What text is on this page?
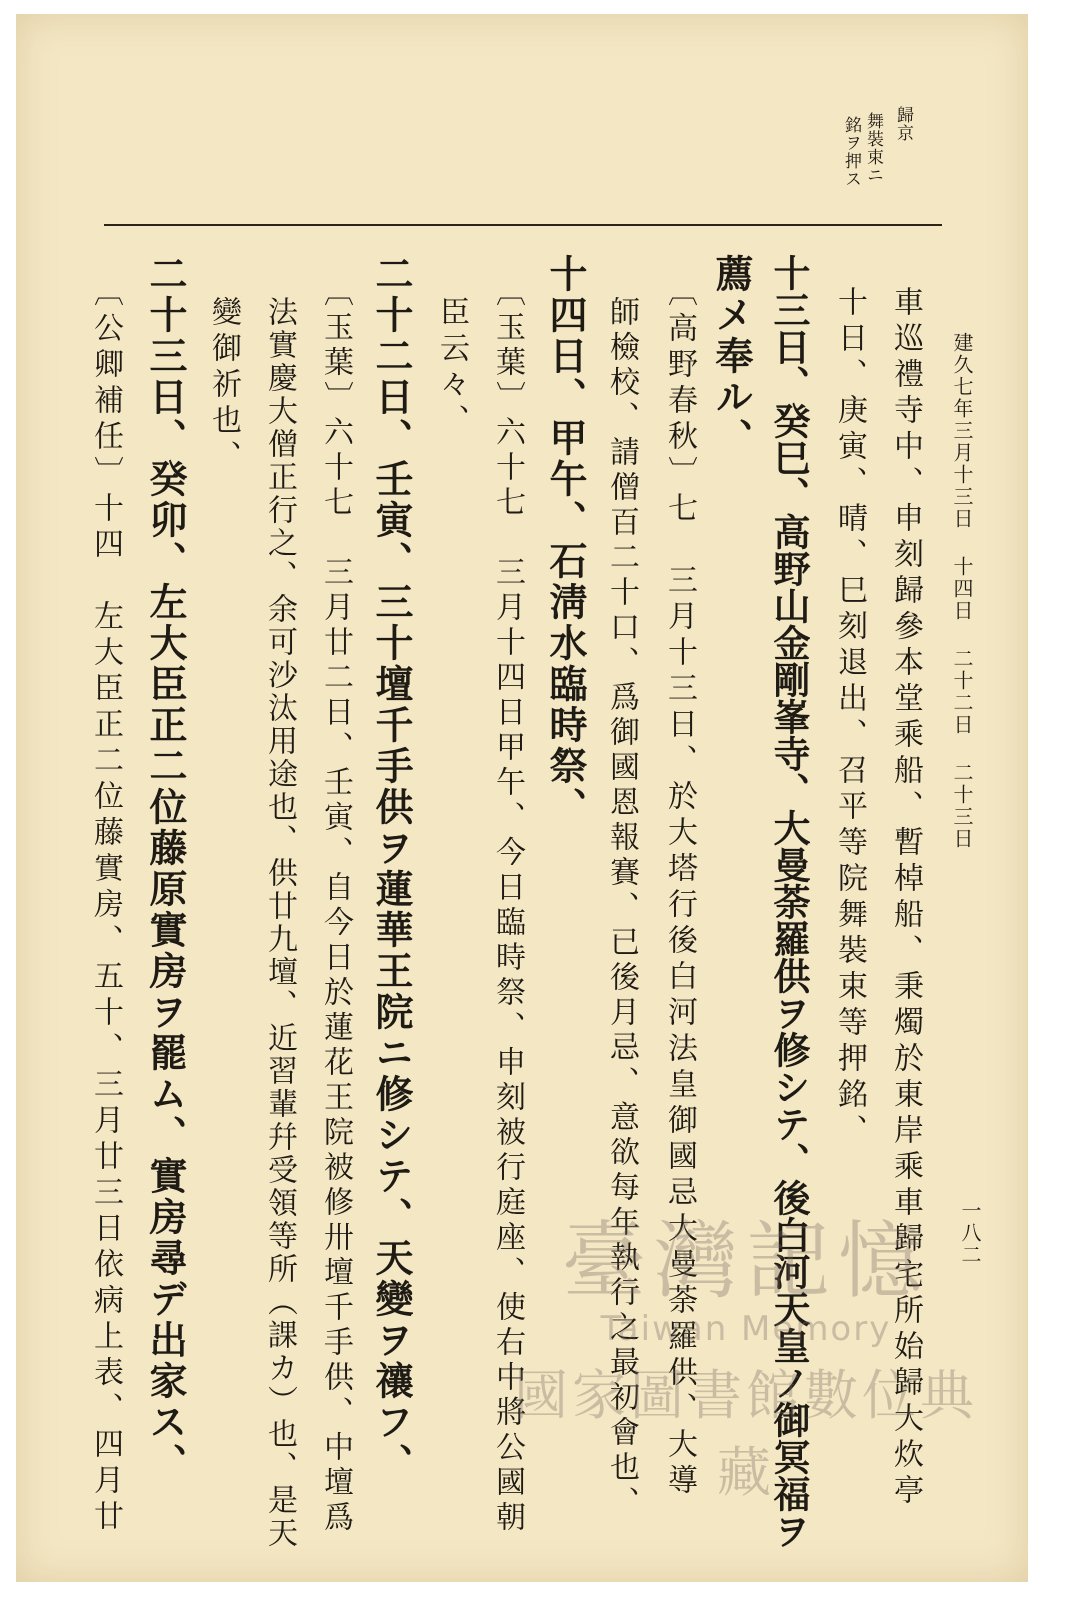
建久七年三月十三日 十四日 二十二日 二十三日
一八二
歸京
舞裝束ニ
銘ヲ押ス
車巡禮寺中、申刻歸參本堂乘船、暫棹船、秉燭於東岸乘車歸宅所始歸大炊亭
十日、庚寅、晴、巳刻退出、召平等院舞裝束等押銘、
十三日、癸巳、高野山金剛峯寺、大曼荼羅供ヲ修シテ、後白河天皇ノ御冥福ヲ
薦メ奉ル、
〔高野春秋〕七　三月十三日、於大塔行後白河法皇御國忌大曼荼羅供、大導
師檢校、請僧百二十口、爲御國恩報賽、已後月忌、意欲每年執行之最初會也、
十四日、甲午、石淸水臨時祭、
〔玉葉〕六十七　三月十四日甲午、今日臨時祭、申刻被行庭座、使右中將公國朝
臣云々、
二十二日、壬寅、三十壇千手供ヲ蓮華王院ニ修シテ、天變ヲ禳フ、
〔玉葉〕六十七　三月廿二日、壬寅、自今日於蓮花王院被修卅壇千手供、中壇爲
法實慶大僧正行之、余可沙汰用途也、供廿九壇、近習輩幷受領等所（課カ）也、是天
變御祈也、
二十三日、癸卯、左大臣正二位藤原實房ヲ罷ム、實房尋デ出家ス、
〔公卿補任〕十四　左大臣正二位藤實房、五十、三月廿三日依病上表、四月廿	臺灣記憶
Taiwan Memory
國家圖書館數位典藏
